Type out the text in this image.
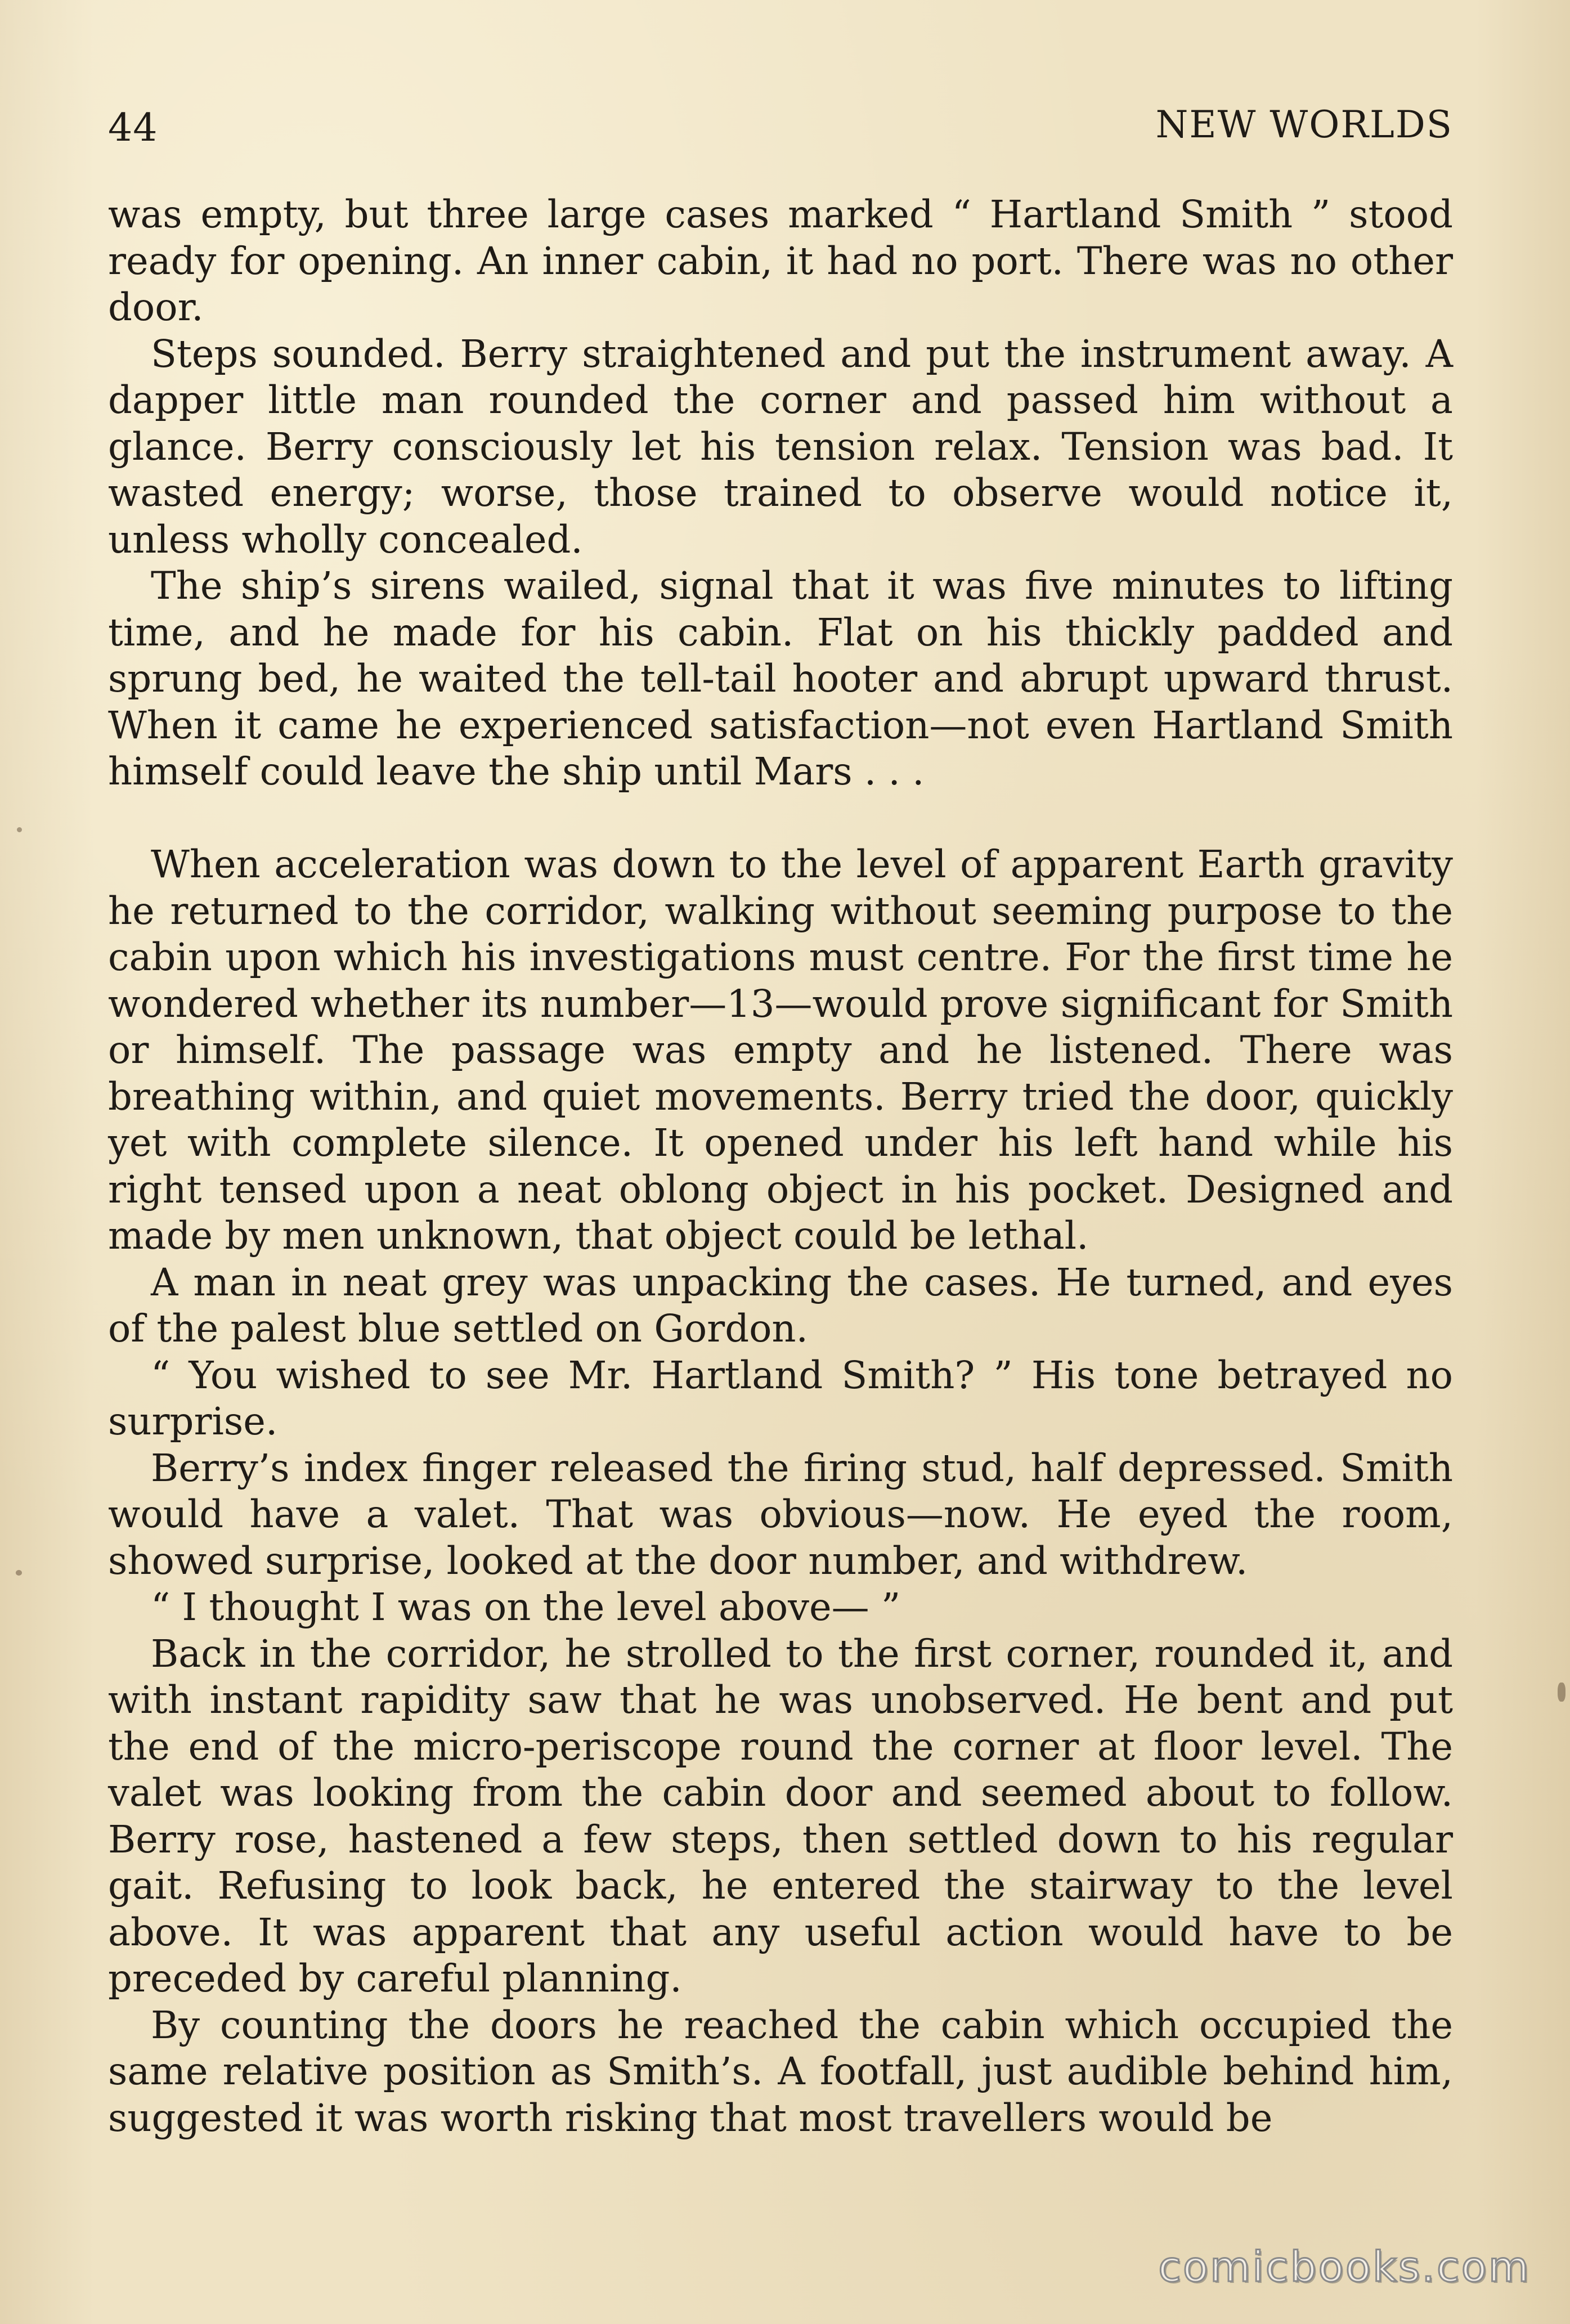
44	NEW WORLDS

was empty, but three large cases marked “ Hartland Smith ” stood ready for opening. An inner cabin, it had no port. There was no other door.

Steps sounded. Berry straightened and put the instrument away. A dapper little man rounded the corner and passed him without a glance. Berry consciously let his tension relax. Tension was bad. It wasted energy; worse, those trained to observe would notice it, unless wholly concealed.

The ship’s sirens wailed, signal that it was five minutes to lifting time, and he made for his cabin. Flat on his thickly padded and sprung bed, he waited the tell-tail hooter and abrupt upward thrust. When it came he experienced satisfaction—not even Hartland Smith himself could leave the ship until Mars . . .

When acceleration was down to the level of apparent Earth gravity he returned to the corridor, walking without seeming purpose to the cabin upon which his investigations must centre. For the first time he wondered whether its number—13—would prove significant for Smith or himself. The passage was empty and he listened. There was breathing within, and quiet movements. Berry tried the door, quickly yet with complete silence. It opened under his left hand while his right tensed upon a neat oblong object in his pocket. Designed and made by men unknown, that object could be lethal.

A man in neat grey was unpacking the cases. He turned, and eyes of the palest blue settled on Gordon.

“ You wished to see Mr. Hartland Smith? ” His tone betrayed no surprise.

Berry’s index finger released the firing stud, half depressed. Smith would have a valet. That was obvious—now. He eyed the room, showed surprise, looked at the door number, and withdrew.

“ I thought I was on the level above— ”

Back in the corridor, he strolled to the first corner, rounded it, and with instant rapidity saw that he was unobserved. He bent and put the end of the micro-periscope round the corner at floor level. The valet was looking from the cabin door and seemed about to follow. Berry rose, hastened a few steps, then settled down to his regular gait. Refusing to look back, he entered the stairway to the level above. It was apparent that any useful action would have to be preceded by careful planning.

By counting the doors he reached the cabin which occupied the same relative position as Smith’s. A footfall, just audible behind him, suggested it was worth risking that most travellers would be

comicbooks.com
